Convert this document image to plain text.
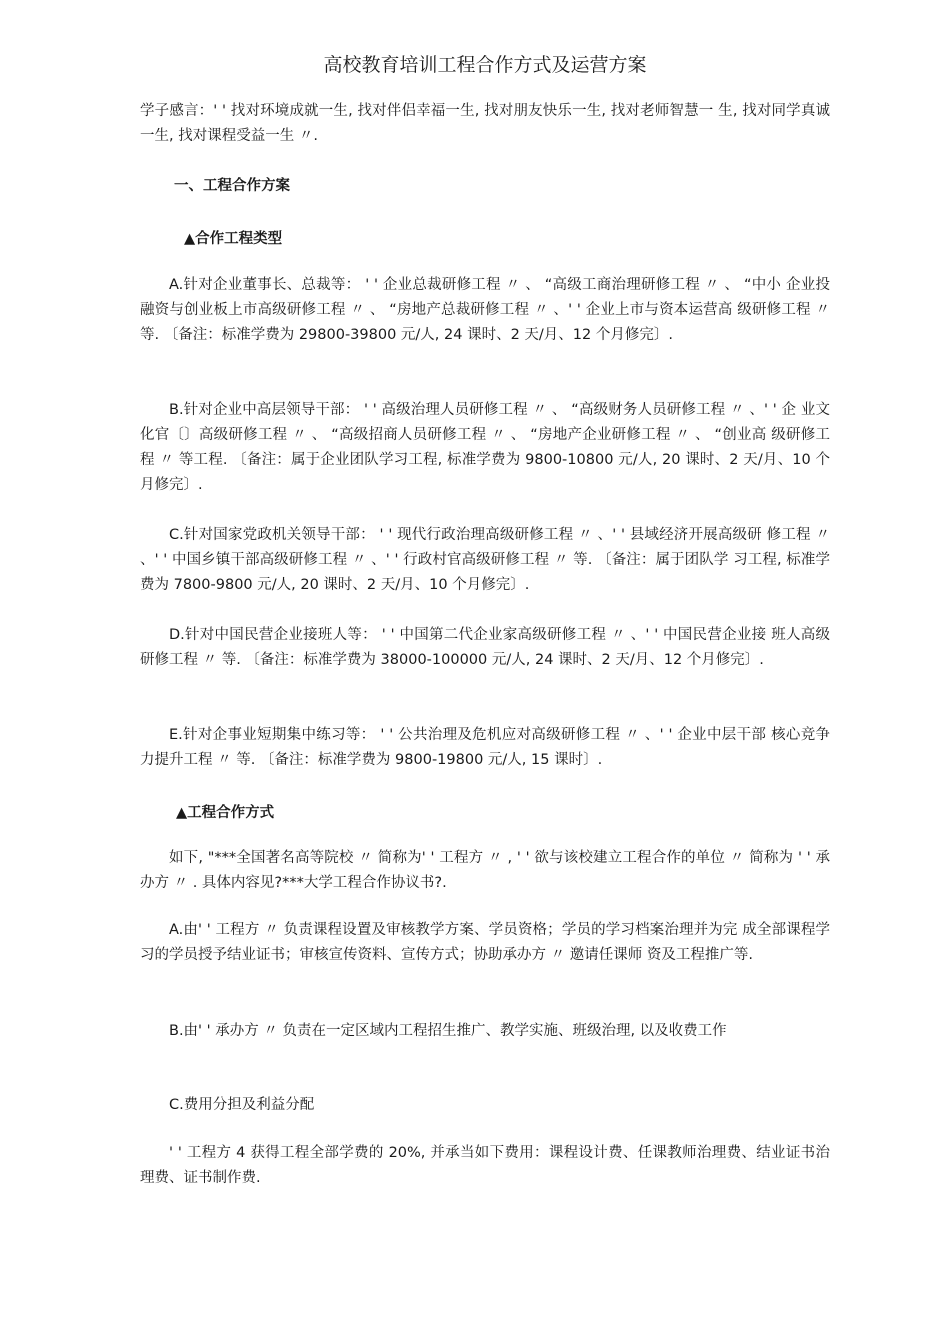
高校教育培训工程合作方式及运营方案
学子感言：' ' 找对环境成就一生, 找对伴侣幸福一生, 找对朋友快乐一生, 找对老师智慧一 生, 找对同学真诚一生, 找对课程受益一生 〃.
一、工程合作方案
▲合作工程类型
A.针对企业董事长、总裁等： ' ' 企业总裁研修工程 〃 、 “高级工商治理研修工程 〃 、 “中小 企业投融资与创业板上市高级研修工程 〃 、 “房地产总裁研修工程 〃 、' ' 企业上市与资本运营高 级研修工程 〃 等. 〔备注：标准学费为 29800-39800 元/人, 24 课时、2 天/月、12 个月修完〕.
B.针对企业中高层领导干部： ' ' 高级治理人员研修工程 〃 、 “高级财务人员研修工程 〃 、' ' 企 业文化官〔〕高级研修工程 〃 、 “高级招商人员研修工程 〃 、 “房地产企业研修工程 〃 、 “创业高 级研修工程 〃 等工程. 〔备注：属于企业团队学习工程, 标准学费为 9800-10800 元/人, 20 课时、2 天/月、10 个月修完〕.
C.针对国家党政机关领导干部： ' ' 现代行政治理高级研修工程 〃 、' ' 县域经济开展高级研 修工程 〃 、' ' 中国乡镇干部高级研修工程 〃 、' ' 行政村官高级研修工程 〃 等. 〔备注：属于团队学 习工程, 标准学费为 7800-9800 元/人, 20 课时、2 天/月、10 个月修完〕.
D.针对中国民营企业接班人等： ' ' 中国第二代企业家高级研修工程 〃 、' ' 中国民营企业接 班人高级研修工程 〃 等. 〔备注：标准学费为 38000-100000 元/人, 24 课时、2 天/月、12 个月修完〕.
E.针对企事业短期集中练习等： ' ' 公共治理及危机应对高级研修工程 〃 、' ' 企业中层干部 核心竞争力提升工程 〃 等. 〔备注：标准学费为 9800-19800 元/人, 15 课时〕.
▲工程合作方式
如下, "***全国著名高等院校 〃 简称为' ' 工程方 〃 , ' ' 欲与该校建立工程合作的单位 〃 简称为 ' ' 承办方 〃 . 具体内容见?***大学工程合作协议书?.
A.由' ' 工程方 〃 负责课程设置及审核教学方案、学员资格；学员的学习档案治理并为完 成全部课程学习的学员授予结业证书；审核宣传资料、宣传方式；协助承办方 〃 邀请任课师 资及工程推广等.
B.由' ' 承办方 〃 负责在一定区域内工程招生推广、教学实施、班级治理, 以及收费工作
C.费用分担及利益分配
' ' 工程方 4 获得工程全部学费的 20%, 并承当如下费用：课程设计费、任课教师治理费、结业证书治理费、证书制作费.
